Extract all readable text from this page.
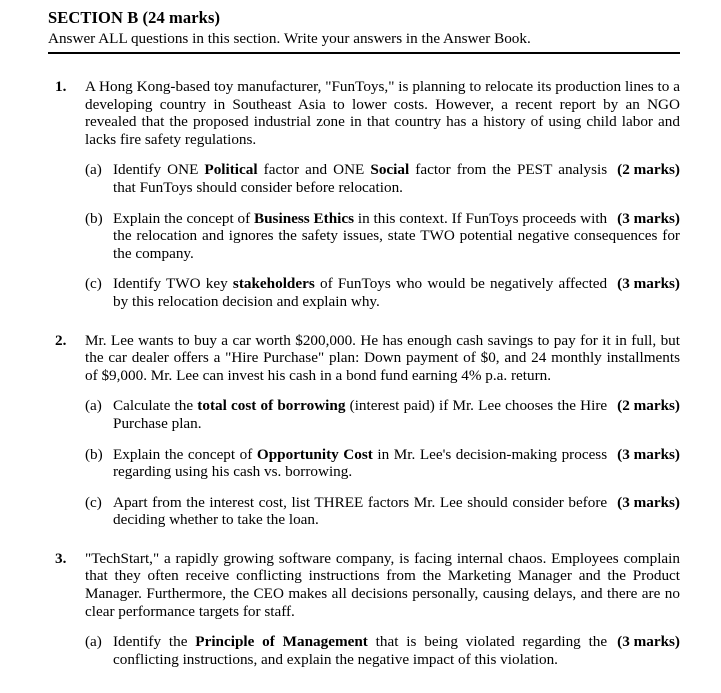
SECTION B (24 marks)
Answer ALL questions in this section. Write your answers in the Answer Book.
1.	A Hong Kong-based toy manufacturer, "FunToys," is planning to relocate its production lines to a developing country in Southeast Asia to lower costs. However, a recent report by an NGO revealed that the proposed industrial zone in that country has a history of using child labor and lacks fire safety regulations.
(a)	(2 marks)
Identify ONE Political factor and ONE Social factor from the PEST analysis that FunToys should consider before relocation.
(b)	(3 marks)
Explain the concept of Business Ethics in this context. If FunToys proceeds with the relocation and ignores the safety issues, state TWO potential negative consequences for the company.
(c)	(3 marks)
Identify TWO key stakeholders of FunToys who would be negatively affected by this relocation decision and explain why.
2.	Mr. Lee wants to buy a car worth $200,000. He has enough cash savings to pay for it in full, but the car dealer offers a "Hire Purchase" plan: Down payment of $0, and 24 monthly installments of $9,000. Mr. Lee can invest his cash in a bond fund earning 4% p.a. return.
(a)	(2 marks)
Calculate the total cost of borrowing (interest paid) if Mr. Lee chooses the Hire Purchase plan.
(b)	(3 marks)
Explain the concept of Opportunity Cost in Mr. Lee's decision-making process regarding using his cash vs. borrowing.
(c)	(3 marks)
Apart from the interest cost, list THREE factors Mr. Lee should consider before deciding whether to take the loan.
3.	"TechStart," a rapidly growing software company, is facing internal chaos. Employees complain that they often receive conflicting instructions from the Marketing Manager and the Product Manager. Furthermore, the CEO makes all decisions personally, causing delays, and there are no clear performance targets for staff.
(a)	(3 marks)
Identify the Principle of Management that is being violated regarding the conflicting instructions, and explain the negative impact of this violation.
